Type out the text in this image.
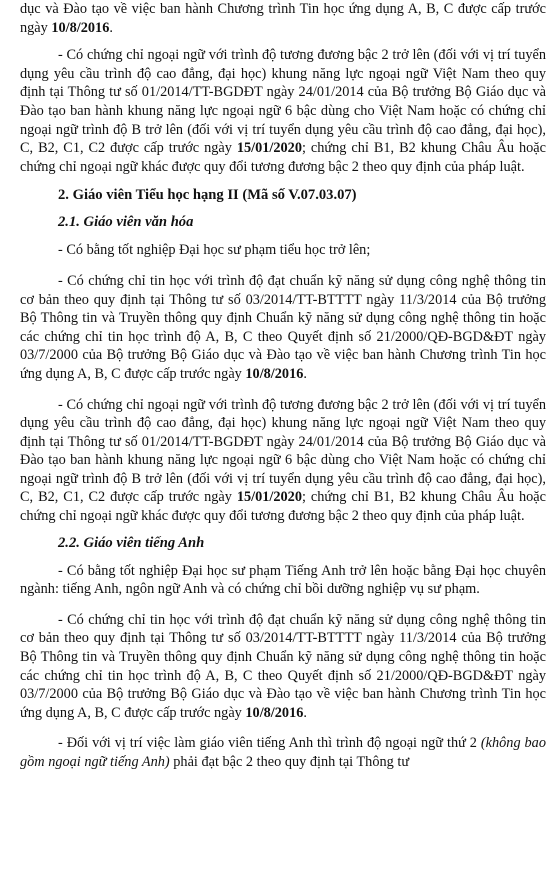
dục và Đào tạo về việc ban hành Chương trình Tin học ứng dụng A, B, C được cấp trước ngày 10/8/2016.

- Có chứng chỉ ngoại ngữ với trình độ tương đương bậc 2 trở lên (đối với vị trí tuyển dụng yêu cầu trình độ cao đẳng, đại học) khung năng lực ngoại ngữ Việt Nam theo quy định tại Thông tư số 01/2014/TT-BGDĐT ngày 24/01/2014 của Bộ trưởng Bộ Giáo dục và Đào tạo ban hành khung năng lực ngoại ngữ 6 bậc dùng cho Việt Nam hoặc có chứng chỉ ngoại ngữ trình độ B trở lên (đối với vị trí tuyển dụng yêu cầu trình độ cao đẳng, đại học), C, B2, C1, C2 được cấp trước ngày 15/01/2020; chứng chỉ B1, B2 khung Châu Âu hoặc chứng chỉ ngoại ngữ khác được quy đổi tương đương bậc 2 theo quy định của pháp luật.

2. Giáo viên Tiểu học hạng II (Mã số V.07.03.07)

2.1. Giáo viên văn hóa

- Có bằng tốt nghiệp Đại học sư phạm tiểu học trở lên;

- Có chứng chỉ tin học với trình độ đạt chuẩn kỹ năng sử dụng công nghệ thông tin cơ bản theo quy định tại Thông tư số 03/2014/TT-BTTTT ngày 11/3/2014 của Bộ trưởng Bộ Thông tin và Truyền thông quy định Chuẩn kỹ năng sử dụng công nghệ thông tin hoặc các chứng chỉ tin học trình độ A, B, C theo Quyết định số 21/2000/QĐ-BGD&ĐT ngày 03/7/2000 của Bộ trưởng Bộ Giáo dục và Đào tạo về việc ban hành Chương trình Tin học ứng dụng A, B, C được cấp trước ngày 10/8/2016.

- Có chứng chỉ ngoại ngữ với trình độ tương đương bậc 2 trở lên (đối với vị trí tuyển dụng yêu cầu trình độ cao đẳng, đại học) khung năng lực ngoại ngữ Việt Nam theo quy định tại Thông tư số 01/2014/TT-BGDĐT ngày 24/01/2014 của Bộ trưởng Bộ Giáo dục và Đào tạo ban hành khung năng lực ngoại ngữ 6 bậc dùng cho Việt Nam hoặc có chứng chỉ ngoại ngữ trình độ B trở lên (đối với vị trí tuyển dụng yêu cầu trình độ cao đẳng, đại học), C, B2, C1, C2 được cấp trước ngày 15/01/2020; chứng chỉ B1, B2 khung Châu Âu hoặc chứng chỉ ngoại ngữ khác được quy đổi tương đương bậc 2 theo quy định của pháp luật.

2.2. Giáo viên tiếng Anh

- Có bằng tốt nghiệp Đại học sư phạm Tiếng Anh trở lên hoặc bằng Đại học chuyên ngành: tiếng Anh, ngôn ngữ Anh và có chứng chỉ bồi dưỡng nghiệp vụ sư phạm.

- Có chứng chỉ tin học với trình độ đạt chuẩn kỹ năng sử dụng công nghệ thông tin cơ bản theo quy định tại Thông tư số 03/2014/TT-BTTTT ngày 11/3/2014 của Bộ trưởng Bộ Thông tin và Truyền thông quy định Chuẩn kỹ năng sử dụng công nghệ thông tin hoặc các chứng chỉ tin học trình độ A, B, C theo Quyết định số 21/2000/QĐ-BGD&ĐT ngày 03/7/2000 của Bộ trưởng Bộ Giáo dục và Đào tạo về việc ban hành Chương trình Tin học ứng dụng A, B, C được cấp trước ngày 10/8/2016.

- Đối với vị trí việc làm giáo viên tiếng Anh thì trình độ ngoại ngữ thứ 2 (không bao gồm ngoại ngữ tiếng Anh) phải đạt bậc 2 theo quy định tại Thông tư
